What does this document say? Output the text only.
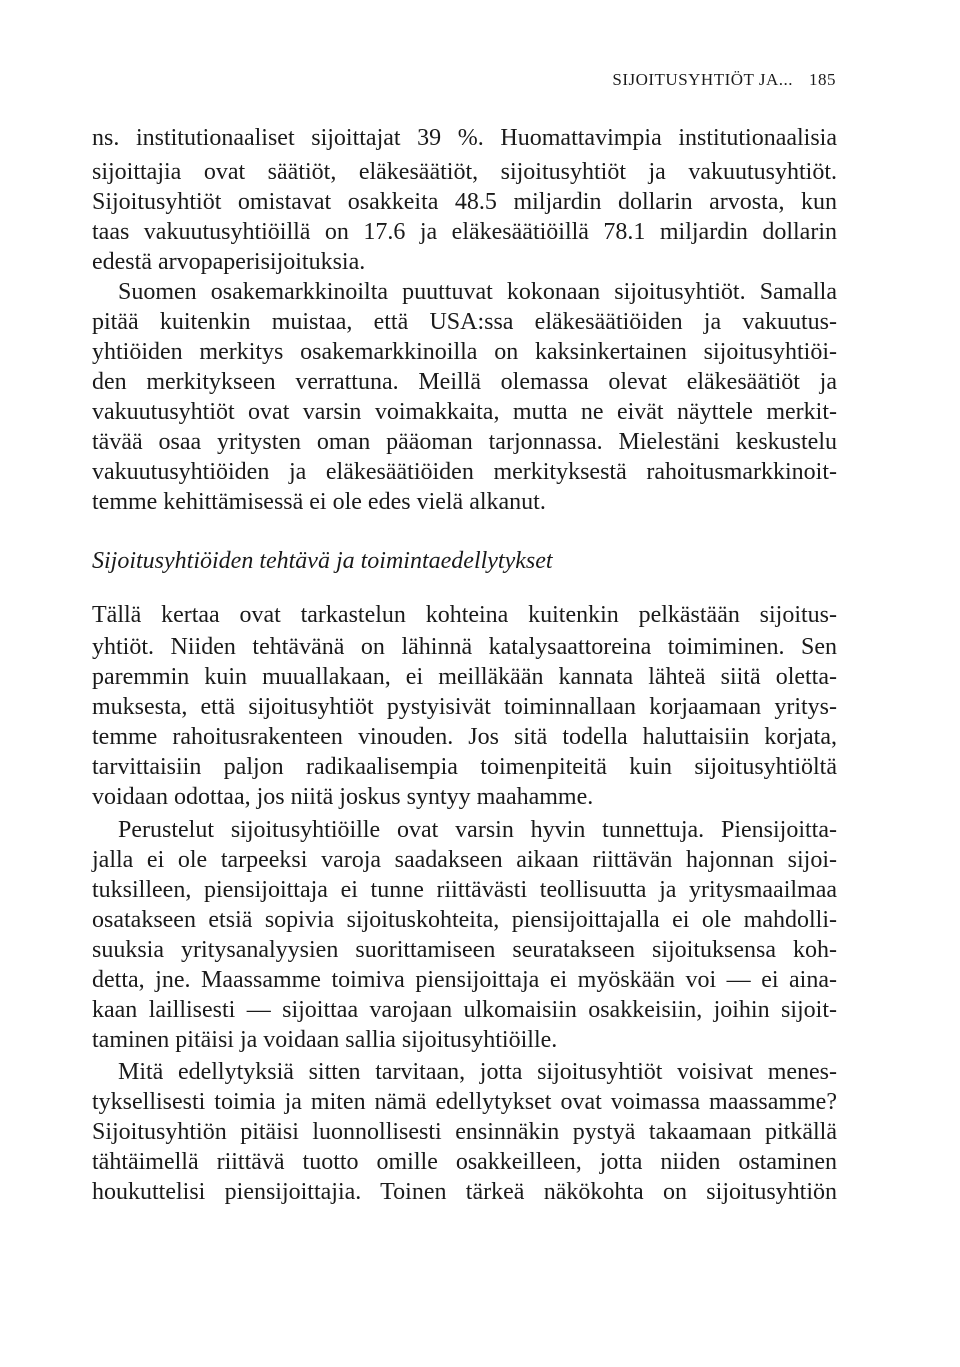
SIJOITUSYHTIÖT JA... 185
ns. institutionaaliset sijoittajat 39 %. Huomattavimpia institutionaalisia
sijoittajia ovat säätiöt, eläkesäätiöt, sijoitusyhtiöt ja vakuutusyhtiöt.
Sijoitusyhtiöt omistavat osakkeita 48.5 miljardin dollarin arvosta, kun
taas vakuutusyhtiöillä on 17.6 ja eläkesäätiöillä 78.1 miljardin dollarin
edestä arvopaperisijoituksia.
Suomen osakemarkkinoilta puuttuvat kokonaan sijoitusyhtiöt. Samalla
pitää kuitenkin muistaa, että USA:ssa eläkesäätiöiden ja vakuutus-
yhtiöiden merkitys osakemarkkinoilla on kaksinkertainen sijoitusyhtiöi-
den merkitykseen verrattuna. Meillä olemassa olevat eläkesäätiöt ja
vakuutusyhtiöt ovat varsin voimakkaita, mutta ne eivät näyttele merkit-
tävää osaa yritysten oman pääoman tarjonnassa. Mielestäni keskustelu
vakuutusyhtiöiden ja eläkesäätiöiden merkityksestä rahoitusmarkkinoit-
temme kehittämisessä ei ole edes vielä alkanut.
Sijoitusyhtiöiden tehtävä ja toimintaedellytykset
Tällä kertaa ovat tarkastelun kohteina kuitenkin pelkästään sijoitus-
yhtiöt. Niiden tehtävänä on lähinnä katalysaattoreina toimiminen. Sen
paremmin kuin muuallakaan, ei meilläkään kannata lähteä siitä oletta-
muksesta, että sijoitusyhtiöt pystyisivät toiminnallaan korjaamaan yritys-
temme rahoitusrakenteen vinouden. Jos sitä todella haluttaisiin korjata,
tarvittaisiin paljon radikaalisempia toimenpiteitä kuin sijoitusyhtiöltä
voidaan odottaa, jos niitä joskus syntyy maahamme.
Perustelut sijoitusyhtiöille ovat varsin hyvin tunnettuja. Piensijoitta-
jalla ei ole tarpeeksi varoja saadakseen aikaan riittävän hajonnan sijoi-
tuksilleen, piensijoittaja ei tunne riittävästi teollisuutta ja yritysmaailmaa
osatakseen etsiä sopivia sijoituskohteita, piensijoittajalla ei ole mahdolli-
suuksia yritysanalyysien suorittamiseen seuratakseen sijoituksensa koh-
detta, jne. Maassamme toimiva piensijoittaja ei myöskään voi — ei aina-
kaan laillisesti — sijoittaa varojaan ulkomaisiin osakkeisiin, joihin sijoit-
taminen pitäisi ja voidaan sallia sijoitusyhtiöille.
Mitä edellytyksiä sitten tarvitaan, jotta sijoitusyhtiöt voisivat menes-
tyksellisesti toimia ja miten nämä edellytykset ovat voimassa maassamme?
Sijoitusyhtiön pitäisi luonnollisesti ensinnäkin pystyä takaamaan pitkällä
tähtäimellä riittävä tuotto omille osakkeilleen, jotta niiden ostaminen
houkuttelisi piensijoittajia. Toinen tärkeä näkökohta on sijoitusyhtiön
